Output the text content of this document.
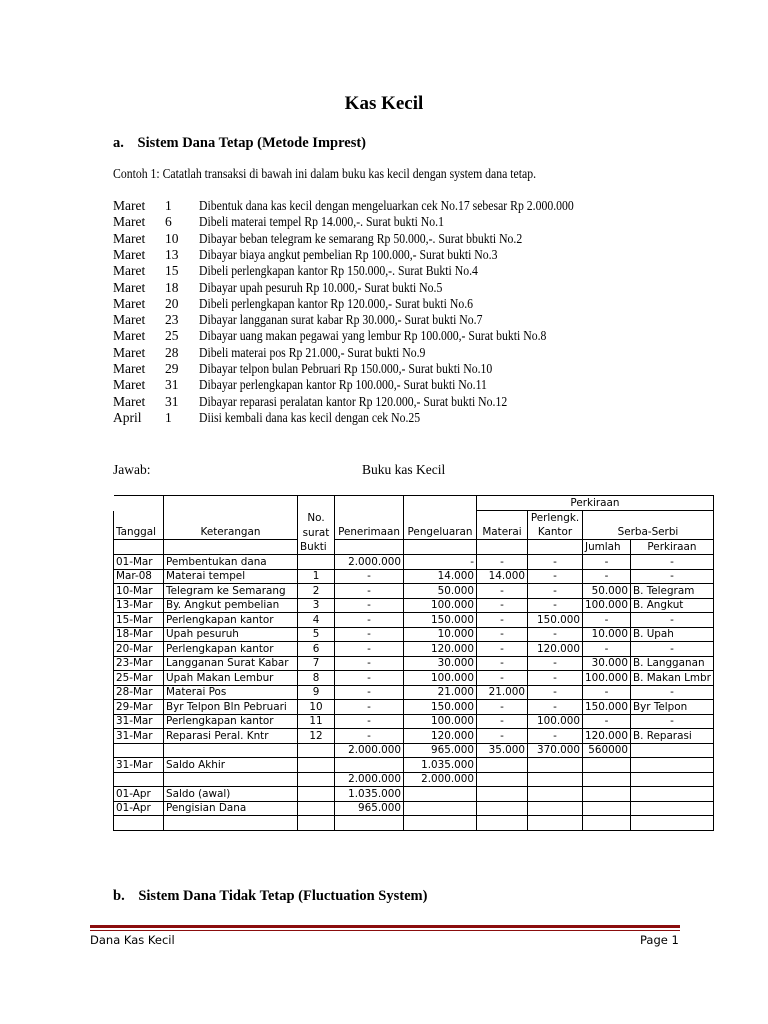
Kas Kecil
a. Sistem Dana Tetap (Metode Imprest)
Contoh 1: Catatlah transaksi di bawah ini dalam buku kas kecil dengan system dana tetap.
Maret 1 Dibentuk dana kas kecil dengan mengeluarkan cek No.17 sebesar Rp 2.000.000
Maret 6 Dibeli materai tempel Rp 14.000,-. Surat bukti No.1
Maret 10 Dibayar beban telegram ke semarang Rp 50.000,-. Surat bbukti No.2
Maret 13 Dibayar biaya angkut pembelian Rp 100.000,- Surat bukti No.3
Maret 15 Dibeli perlengkapan kantor Rp 150.000,-. Surat Bukti No.4
Maret 18 Dibayar upah pesuruh Rp 10.000,- Surat bukti No.5
Maret 20 Dibeli perlengkapan kantor Rp 120.000,- Surat bukti No.6
Maret 23 Dibayar langganan surat kabar Rp 30.000,- Surat bukti No.7
Maret 25 Dibayar uang makan pegawai yang lembur Rp 100.000,- Surat bukti No.8
Maret 28 Dibeli materai pos Rp 21.000,- Surat bukti No.9
Maret 29 Dibayar telpon bulan Pebruari Rp 150.000,- Surat bukti No.10
Maret 31 Dibayar perlengkapan kantor Rp 100.000,- Surat bukti No.11
Maret 31 Dibayar reparasi peralatan kantor Rp 120.000,- Surat bukti No.12
April 1 Diisi kembali dana kas kecil dengan cek No.25
Jawab:	Buku kas Kecil
					Perkiraan			
		No.				Perlengk.		
Tanggal	Keterangan	surat	Penerimaan	Pengeluaran	Materai	Kantor	Serba-Serbi	
		Bukti					Jumlah	Perkiraan
01-Mar	Pembentukan dana		2.000.000	-	-	-	-	-
Mar-08	Materai tempel	1	-	14.000	14.000	-	-	-
10-Mar	Telegram ke Semarang	2	-	50.000	-	-	50.000	B. Telegram
13-Mar	By. Angkut pembelian	3	-	100.000	-	-	100.000	B. Angkut
15-Mar	Perlengkapan kantor	4	-	150.000	-	150.000	-	-
18-Mar	Upah pesuruh	5	-	10.000	-	-	10.000	B. Upah
20-Mar	Perlengkapan kantor	6	-	120.000	-	120.000	-	-
23-Mar	Langganan Surat Kabar	7	-	30.000	-	-	30.000	B. Langganan
25-Mar	Upah Makan Lembur	8	-	100.000	-	-	100.000	B. Makan Lmbr
28-Mar	Materai Pos	9	-	21.000	21.000	-	-	-
29-Mar	Byr Telpon Bln Pebruari	10	-	150.000	-	-	150.000	Byr Telpon
31-Mar	Perlengkapan kantor	11	-	100.000	-	100.000	-	-
31-Mar	Reparasi Peral. Kntr	12	-	120.000	-	-	120.000	B. Reparasi
			2.000.000	965.000	35.000	370.000	560000	
31-Mar	Saldo Akhir			1.035.000				
			2.000.000	2.000.000				
01-Apr	Saldo (awal)		1.035.000					
01-Apr	Pengisian Dana		965.000					

b. Sistem Dana Tidak Tetap (Fluctuation System)
Dana Kas Kecil	Page 1
